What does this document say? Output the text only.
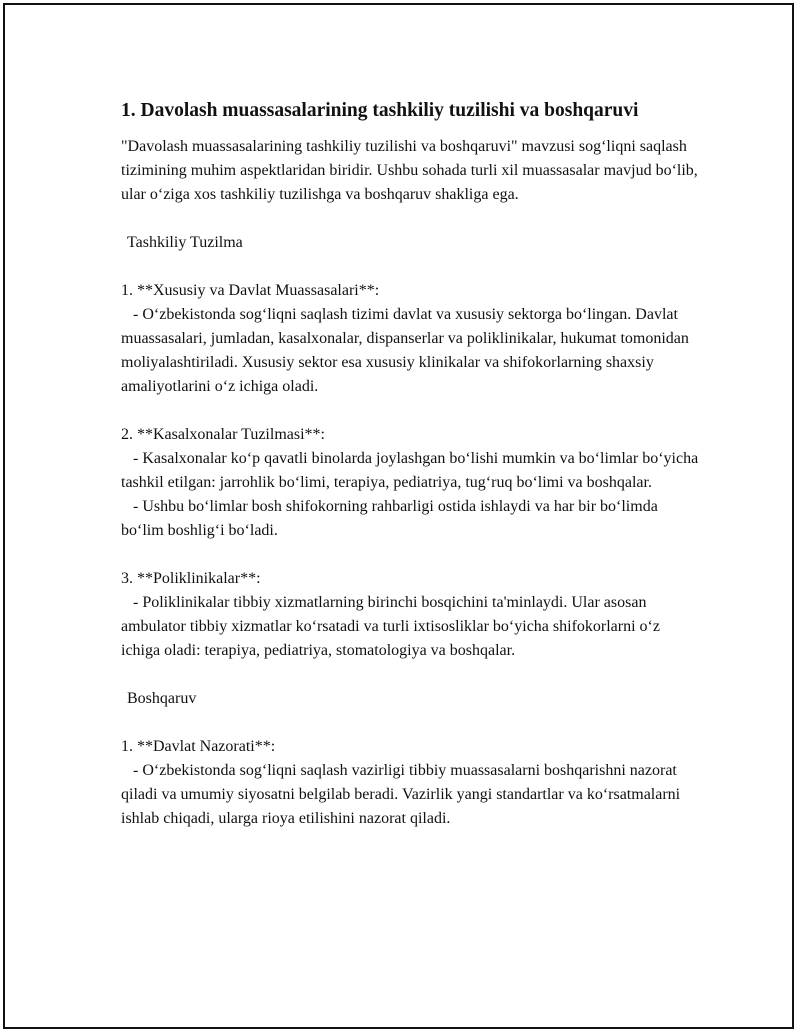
1. Davolash muassasalarining tashkiliy tuzilishi va boshqaruvi
"Davolash muassasalarining tashkiliy tuzilishi va boshqaruvi" mavzusi sog‘liqni saqlash tizimining muhim aspektlaridan biridir. Ushbu sohada turli xil muassasalar mavjud bo‘lib, ular o‘ziga xos tashkiliy tuzilishga va boshqaruv shakliga ega.
Tashkiliy Tuzilma
1. **Xususiy va Davlat Muassasalari**:
- O‘zbekistonda sog‘liqni saqlash tizimi davlat va xususiy sektorga bo‘lingan. Davlat muassasalari, jumladan, kasalxonalar, dispanserlar va poliklinikalar, hukumat tomonidan moliyalashtiriladi. Xususiy sektor esa xususiy klinikalar va shifokorlarning shaxsiy amaliyotlarini o‘z ichiga oladi.
2. **Kasalxonalar Tuzilmasi**:
- Kasalxonalar ko‘p qavatli binolarda joylashgan bo‘lishi mumkin va bo‘limlar bo‘yicha tashkil etilgan: jarrohlik bo‘limi, terapiya, pediatriya, tug‘ruq bo‘limi va boshqalar.
- Ushbu bo‘limlar bosh shifokorning rahbarligi ostida ishlaydi va har bir bo‘limda bo‘lim boshlig‘i bo‘ladi.
3. **Poliklinikalar**:
- Poliklinikalar tibbiy xizmatlarning birinchi bosqichini ta'minlaydi. Ular asosan ambulator tibbiy xizmatlar ko‘rsatadi va turli ixtisosliklar bo‘yicha shifokorlarni o‘z ichiga oladi: terapiya, pediatriya, stomatologiya va boshqalar.
Boshqaruv
1. **Davlat Nazorati**:
- O‘zbekistonda sog‘liqni saqlash vazirligi tibbiy muassasalarni boshqarishni nazorat qiladi va umumiy siyosatni belgilab beradi. Vazirlik yangi standartlar va ko‘rsatmalarni ishlab chiqadi, ularga rioya etilishini nazorat qiladi.
